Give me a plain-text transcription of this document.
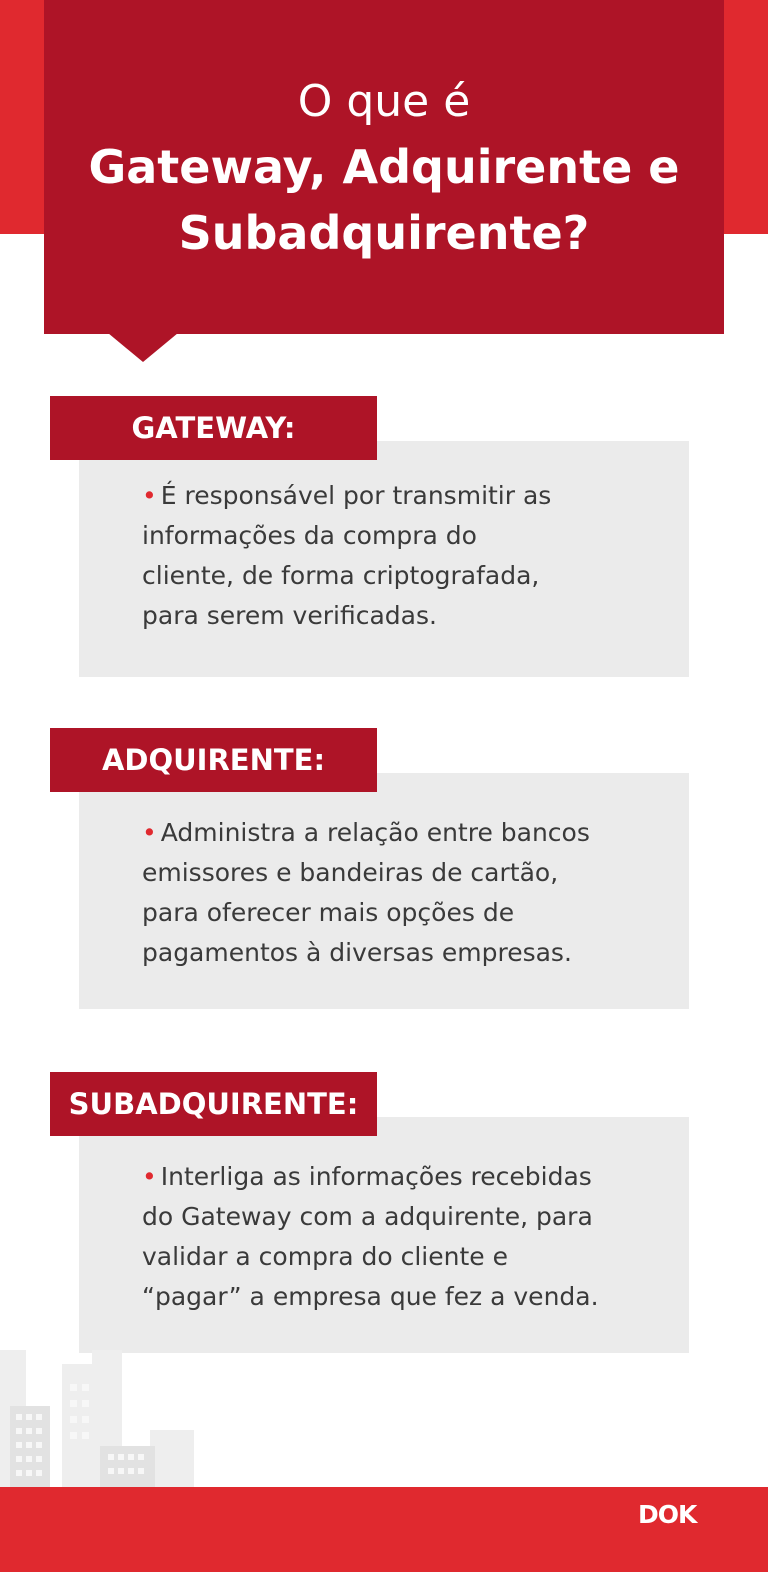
O que é
Gateway, Adquirente e
Subadquirente?
GATEWAY:

• É responsável por transmitir as
informações da compra do
cliente, de forma criptografada,
para serem verificadas.

ADQUIRENTE:

• Administra a relação entre bancos
emissores e bandeiras de cartão,
para oferecer mais opções de
pagamentos à diversas empresas.

SUBADQUIRENTE:

• Interliga as informações recebidas
do Gateway com a adquirente, para
validar a compra do cliente e
“pagar” a empresa que fez a venda.

DOK
